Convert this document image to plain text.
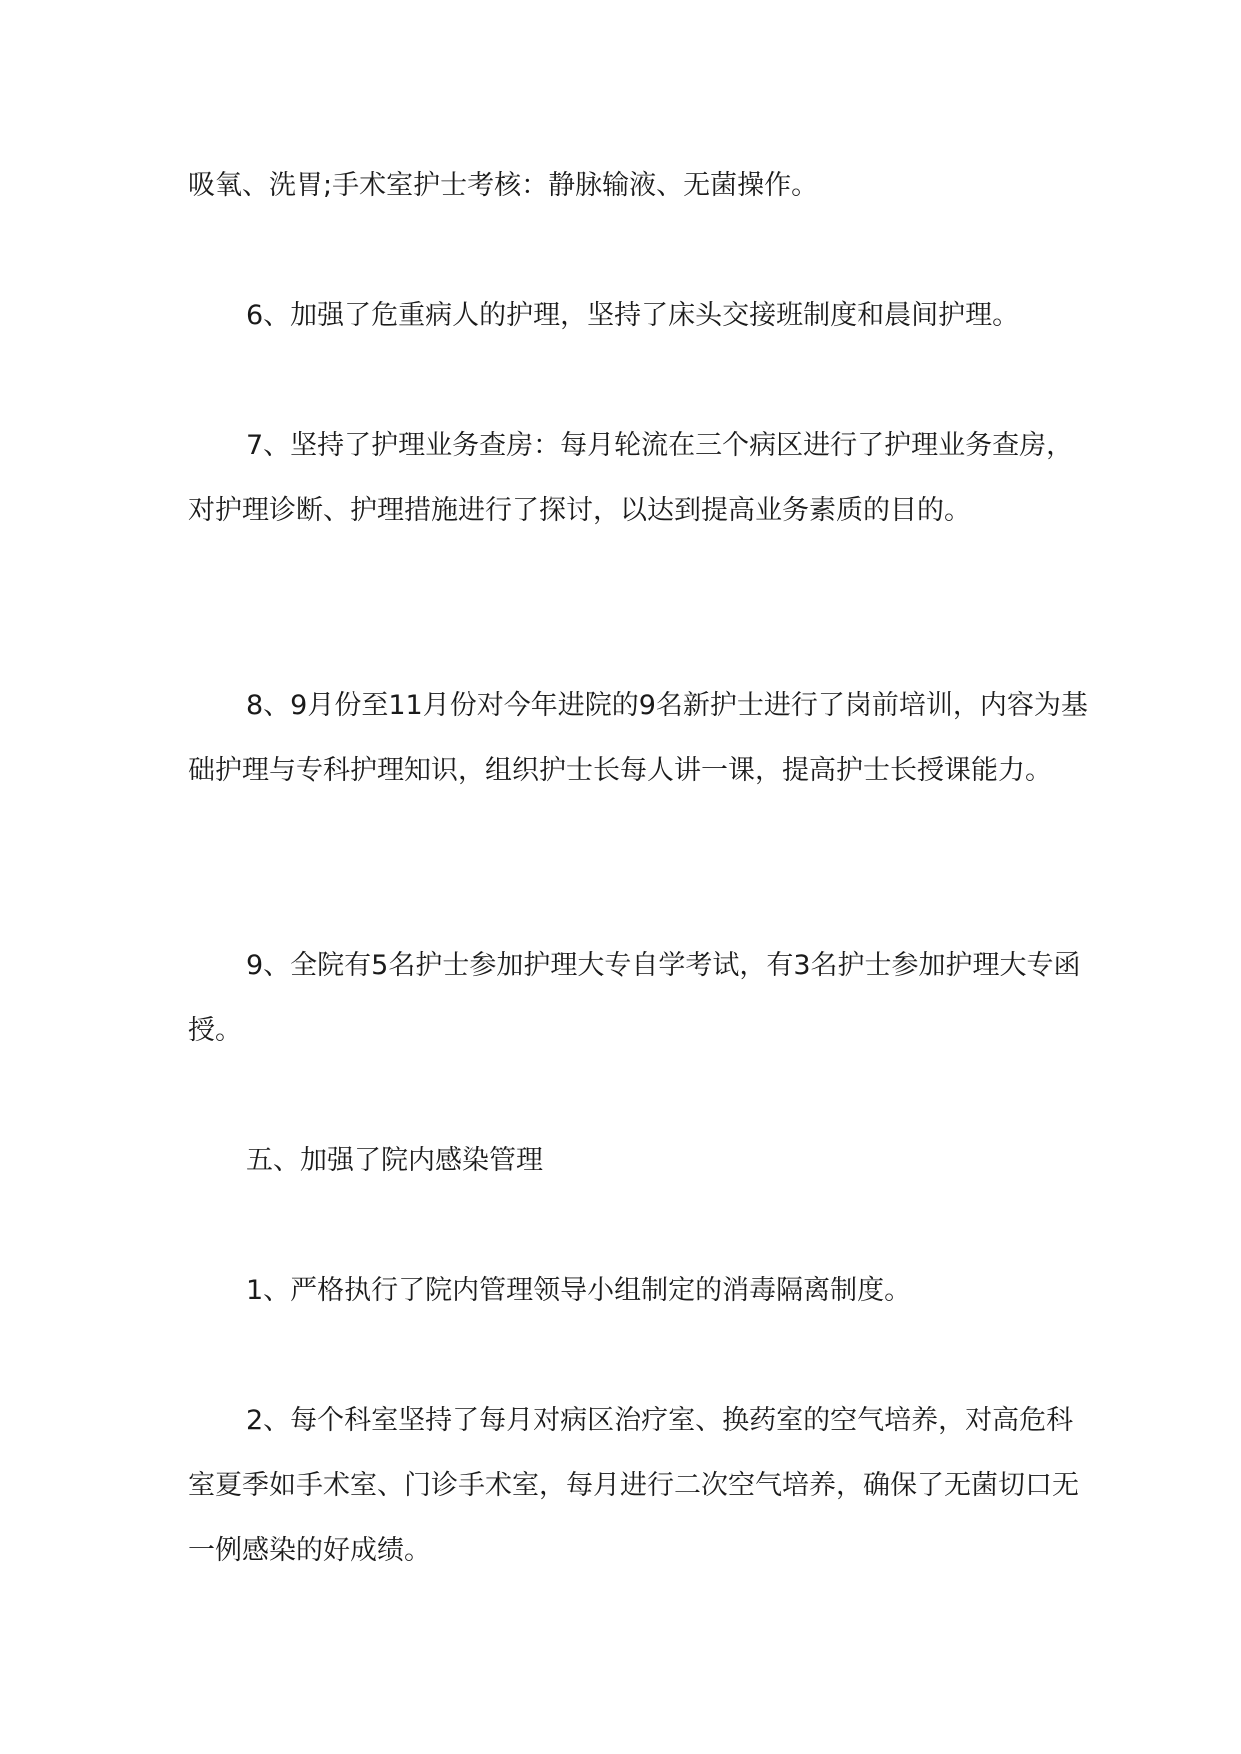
吸氧、洗胃;手术室护士考核：静脉输液、无菌操作。

6、加强了危重病人的护理，坚持了床头交接班制度和晨间护理。

7、坚持了护理业务查房：每月轮流在三个病区进行了护理业务查房，对护理诊断、护理措施进行了探讨，以达到提高业务素质的目的。

8、9月份至11月份对今年进院的9名新护士进行了岗前培训，内容为基础护理与专科护理知识，组织护士长每人讲一课，提高护士长授课能力。

9、全院有5名护士参加护理大专自学考试，有3名护士参加护理大专函授。

五、加强了院内感染管理

1、严格执行了院内管理领导小组制定的消毒隔离制度。

2、每个科室坚持了每月对病区治疗室、换药室的空气培养，对高危科室夏季如手术室、门诊手术室，每月进行二次空气培养，确保了无菌切口无一例感染的好成绩。
